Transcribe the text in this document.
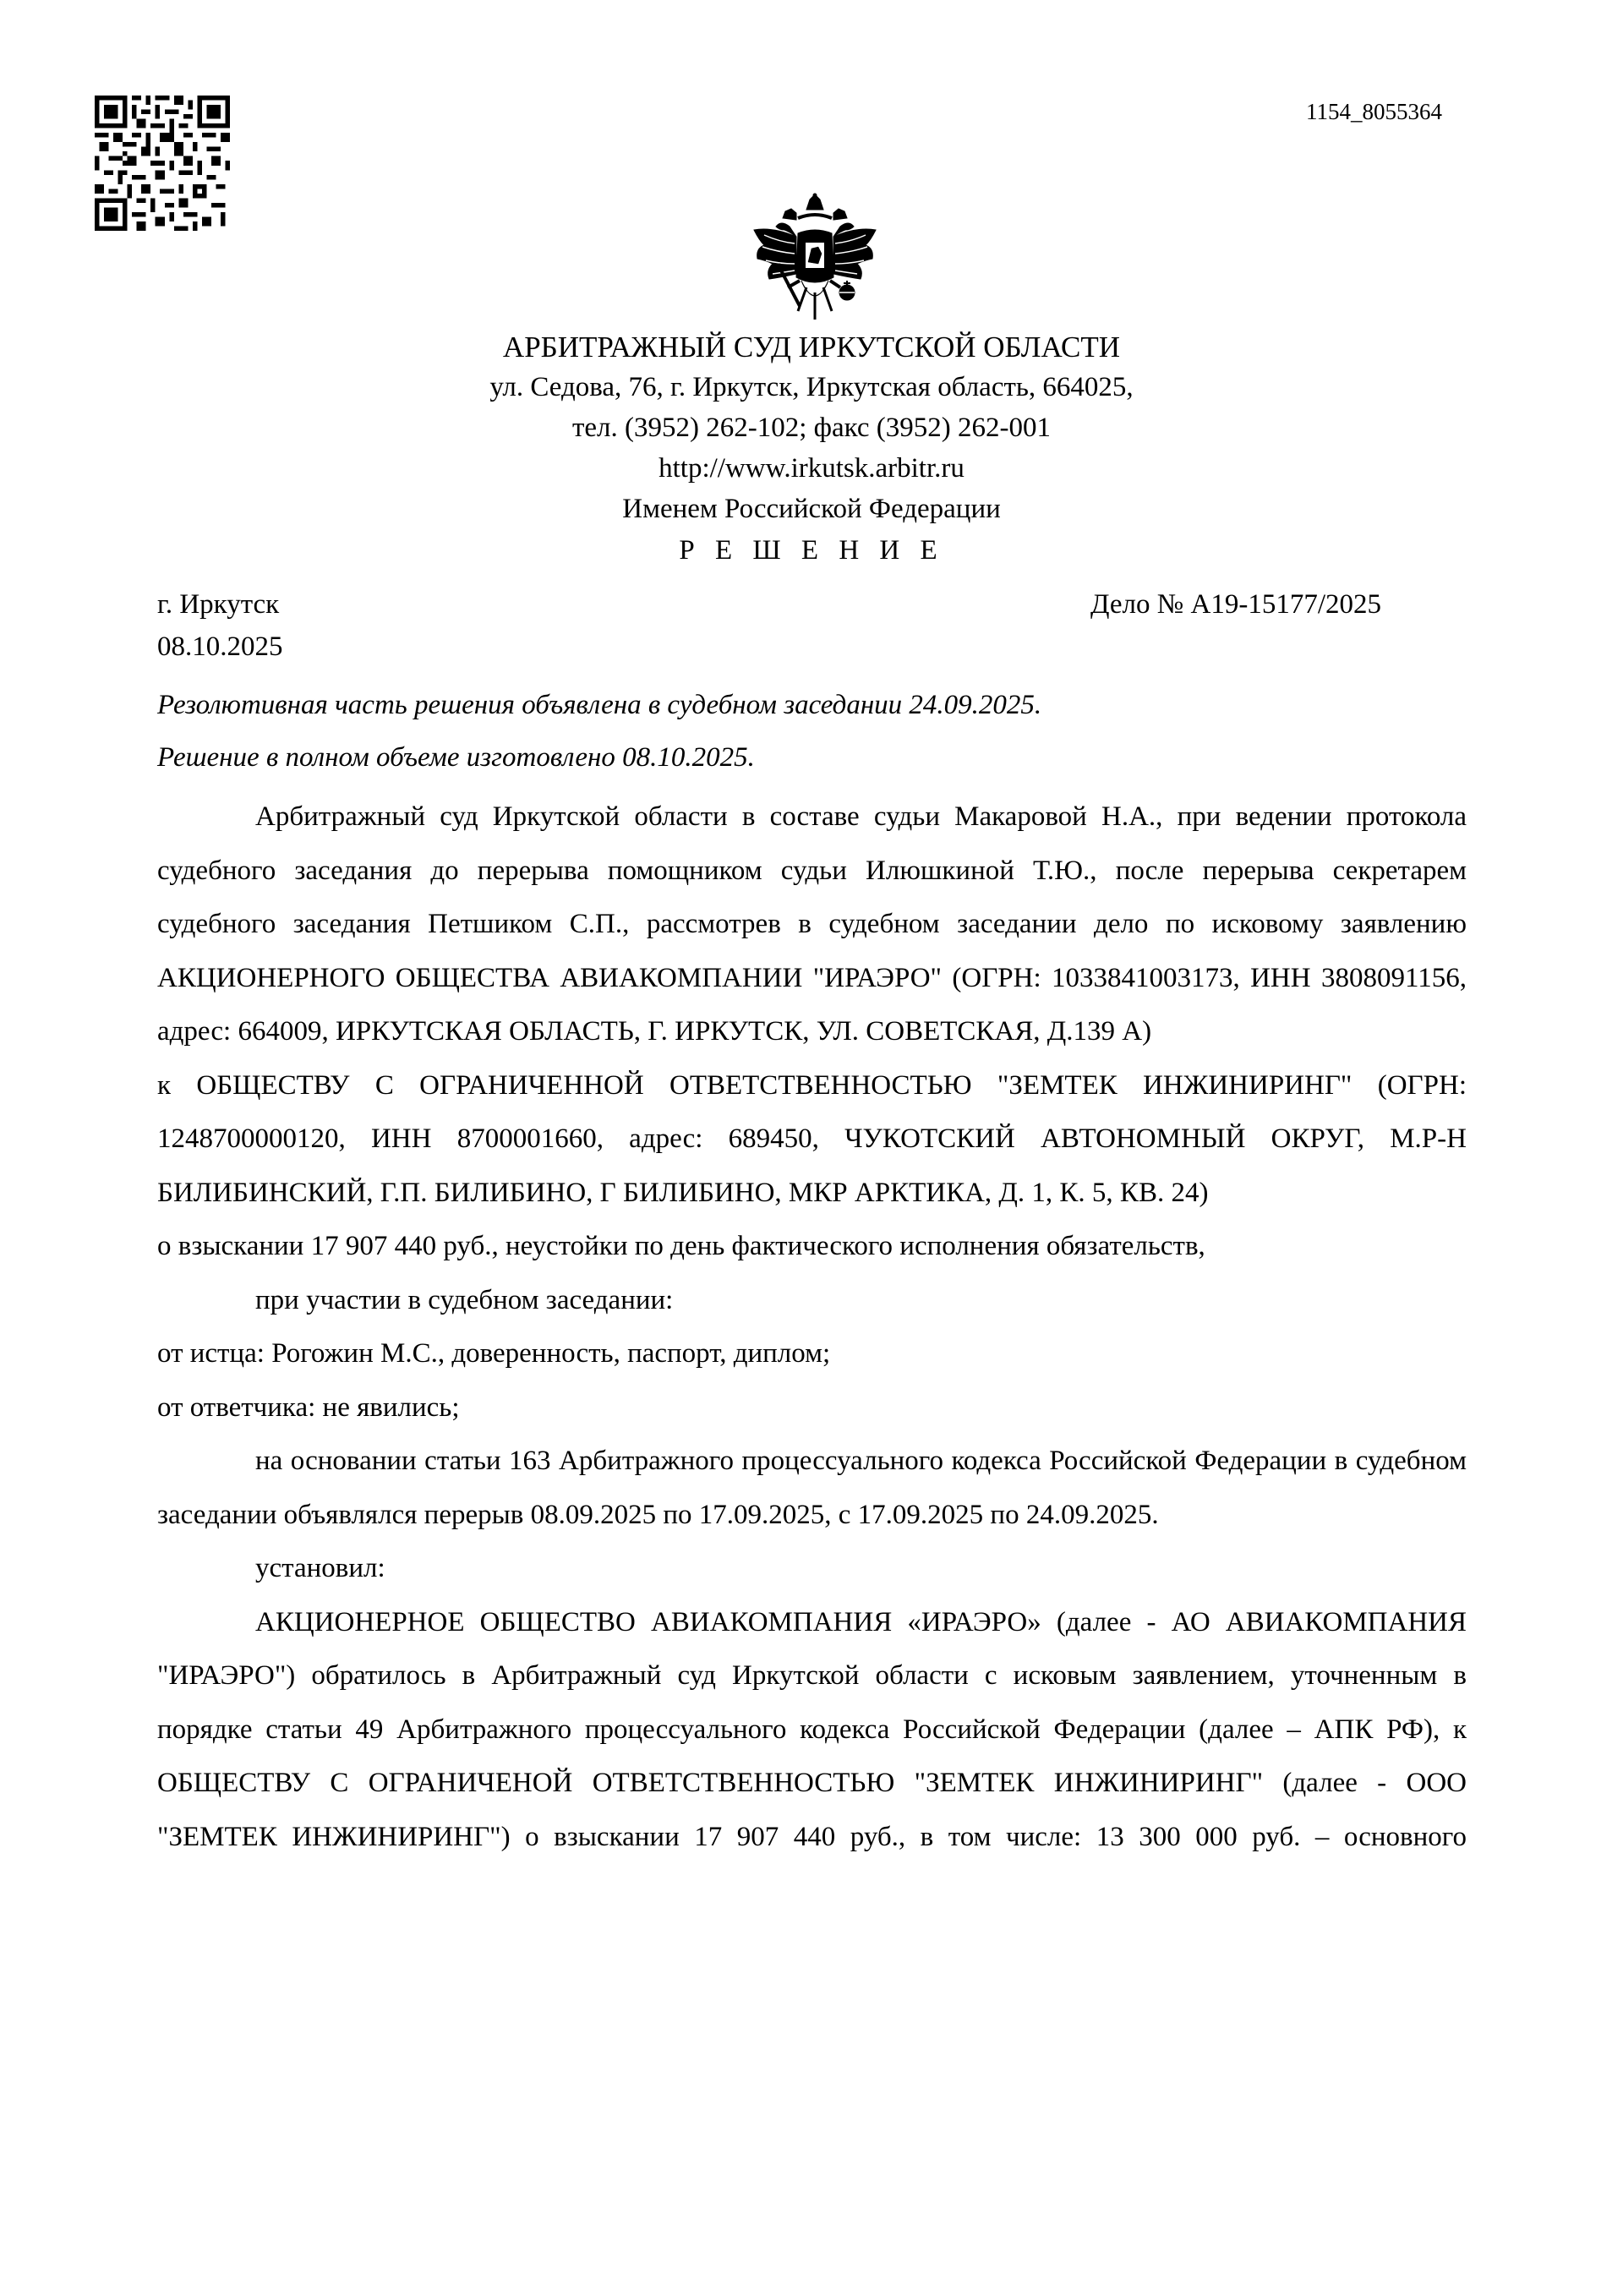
1154_8055364
АРБИТРАЖНЫЙ СУД ИРКУТСКОЙ ОБЛАСТИ
ул. Седова, 76, г. Иркутск, Иркутская область, 664025,
тел. (3952) 262-102; факс (3952) 262-001
http://www.irkutsk.arbitr.ru
Именем Российской Федерации
Р Е Ш Е Н И Е
г. Иркутск
08.10.2025
Дело № А19-15177/2025
Резолютивная часть решения объявлена в судебном заседании 24.09.2025.
Решение в полном объеме изготовлено 08.10.2025.

Арбитражный суд Иркутской области в составе судьи Макаровой Н.А., при ведении протокола судебного заседания до перерыва помощником судьи Илюшкиной Т.Ю., после перерыва секретарем судебного заседания Петшиком С.П., рассмотрев в судебном заседании дело по исковому заявлению АКЦИОНЕРНОГО ОБЩЕСТВА АВИАКОМПАНИИ "ИРАЭРО" (ОГРН: 1033841003173, ИНН 3808091156, адрес: 664009, ИРКУТСКАЯ ОБЛАСТЬ, Г. ИРКУТСК, УЛ. СОВЕТСКАЯ, Д.139 А)

к ОБЩЕСТВУ С ОГРАНИЧЕННОЙ ОТВЕТСТВЕННОСТЬЮ "ЗЕМТЕК ИНЖИНИРИНГ" (ОГРН: 1248700000120, ИНН 8700001660, адрес: 689450, ЧУКОТСКИЙ АВТОНОМНЫЙ ОКРУГ, М.Р-Н БИЛИБИНСКИЙ, Г.П. БИЛИБИНО, Г БИЛИБИНО, МКР АРКТИКА, Д. 1, К. 5, КВ. 24)

о взыскании 17 907 440 руб., неустойки по день фактического исполнения обязательств,

при участии в судебном заседании:

от истца: Рогожин М.С., доверенность, паспорт, диплом;

от ответчика: не явились;

на основании статьи 163 Арбитражного процессуального кодекса Российской Федерации в судебном заседании объявлялся перерыв 08.09.2025 по 17.09.2025, с 17.09.2025 по 24.09.2025.

установил:

АКЦИОНЕРНОЕ ОБЩЕСТВО АВИАКОМПАНИЯ «ИРАЭРО» (далее - АО АВИАКОМПАНИЯ "ИРАЭРО") обратилось в Арбитражный суд Иркутской области с исковым заявлением, уточненным в порядке статьи 49 Арбитражного процессуального кодекса Российской Федерации (далее – АПК РФ), к ОБЩЕСТВУ С ОГРАНИЧЕНОЙ ОТВЕТСТВЕННОСТЬЮ "ЗЕМТЕК ИНЖИНИРИНГ" (далее - ООО "ЗЕМТЕК ИНЖИНИРИНГ") о взыскании 17 907 440 руб., в том числе: 13 300 000 руб. – основного
